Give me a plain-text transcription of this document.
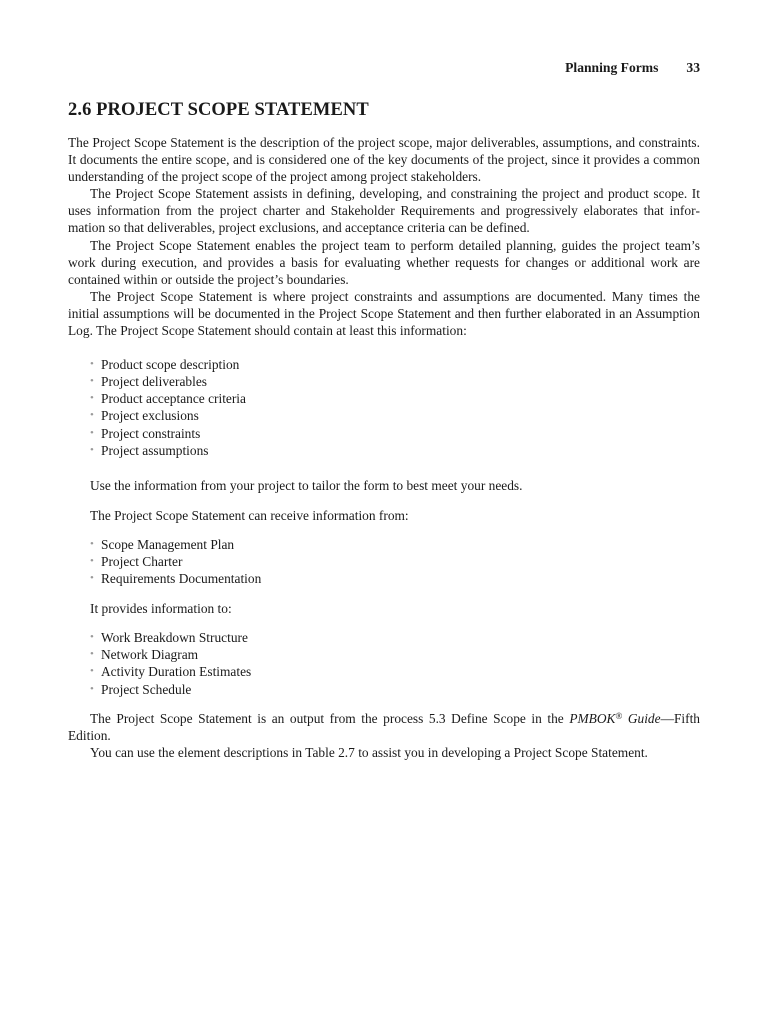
Planning Forms 33
2.6 PROJECT SCOPE STATEMENT

The Project Scope Statement is the description of the project scope, major deliverables, assumptions, and constraints. It documents the entire scope, and is considered one of the key documents of the project, since it provides a common understanding of the project scope of the project among project stakeholders.

The Project Scope Statement assists in defining, developing, and constraining the project and product scope. It uses information from the project charter and Stakeholder Requirements and progressively elaborates that information so that deliverables, project exclusions, and acceptance criteria can be defined.

The Project Scope Statement enables the project team to perform detailed planning, guides the project team’s work during execution, and provides a basis for evaluating whether requests for changes or additional work are contained within or outside the project’s boundaries.

The Project Scope Statement is where project constraints and assumptions are documented. Many times the initial assumptions will be documented in the Project Scope Statement and then further elaborated in an Assumption Log. The Project Scope Statement should contain at least this information:

• Product scope description
• Project deliverables
• Product acceptance criteria
• Project exclusions
• Project constraints
• Project assumptions

Use the information from your project to tailor the form to best meet your needs.

The Project Scope Statement can receive information from:

• Scope Management Plan
• Project Charter
• Requirements Documentation

It provides information to:

• Work Breakdown Structure
• Network Diagram
• Activity Duration Estimates
• Project Schedule

The Project Scope Statement is an output from the process 5.3 Define Scope in the PMBOK® Guide—Fifth Edition.

You can use the element descriptions in Table 2.7 to assist you in developing a Project Scope Statement.
